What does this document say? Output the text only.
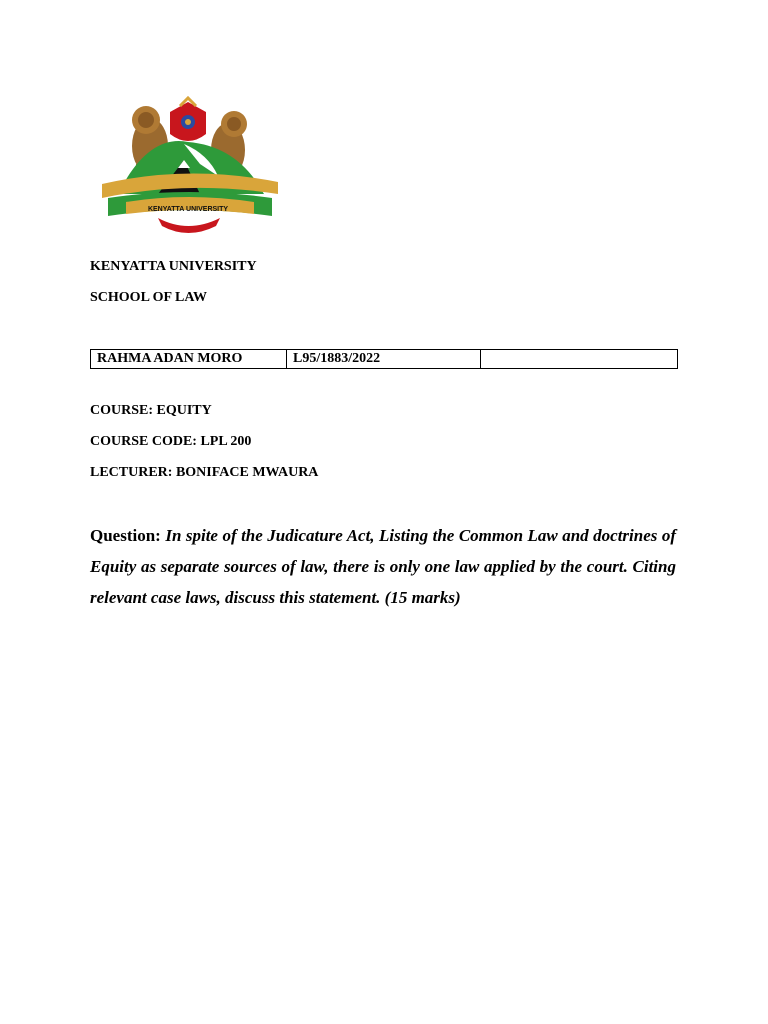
KENYATTA UNIVERSITY
KENYATTA UNIVERSITY
SCHOOL OF LAW
RAHMA ADAN MORO	L95/1883/2022	
COURSE: EQUITY
COURSE CODE: LPL 200
LECTURER: BONIFACE MWAURA
Question: In spite of the Judicature Act, Listing the Common Law and doctrines of Equity as separate sources of law, there is only one law applied by the court. Citing relevant case laws, discuss this statement. (15 marks)
